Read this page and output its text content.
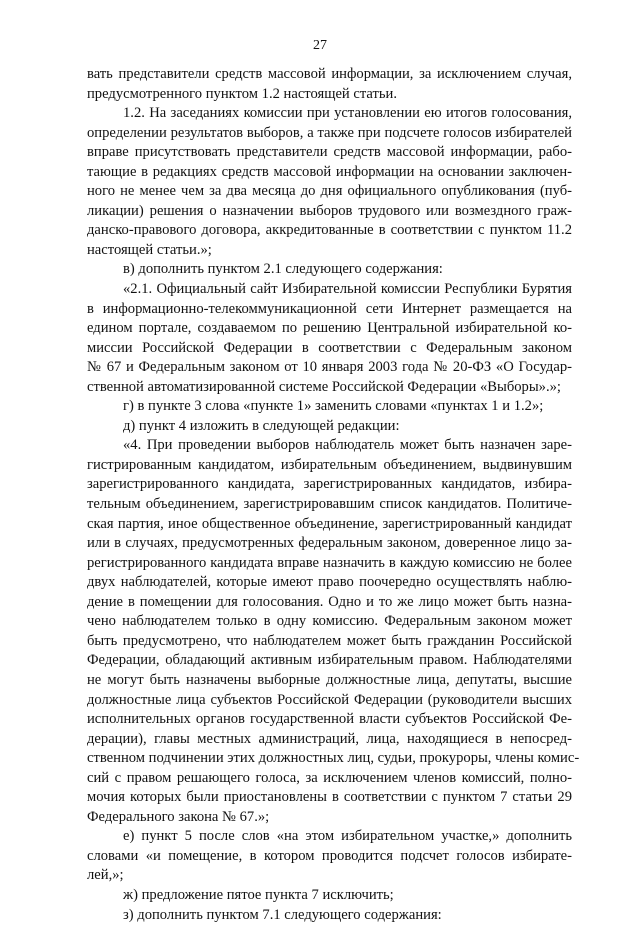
27
вать представители средств массовой информации, за исключением случая,
предусмотренного пунктом 1.2 настоящей статьи.
1.2. На заседаниях комиссии при установлении ею итогов голосования,
определении результатов выборов, а также при подсчете голосов избирателей
вправе присутствовать представители средств массовой информации, рабо-
тающие в редакциях средств массовой информации на основании заключен-
ного не менее чем за два месяца до дня официального опубликования (пуб-
ликации) решения о назначении выборов трудового или возмездного граж-
данско-правового договора, аккредитованные в соответствии с пунктом 11.2
настоящей статьи.»;
в) дополнить пунктом 2.1 следующего содержания:
«2.1. Официальный сайт Избирательной комиссии Республики Бурятия
в информационно-телекоммуникационной сети Интернет размещается на
едином портале, создаваемом по решению Центральной избирательной ко-
миссии Российской Федерации в соответствии с Федеральным законом
№ 67 и Федеральным законом от 10 января 2003 года № 20-ФЗ «О Государ-
ственной автоматизированной системе Российской Федерации «Выборы».»;
г) в пункте 3 слова «пункте 1» заменить словами «пунктах 1 и 1.2»;
д) пункт 4 изложить в следующей редакции:
«4. При проведении выборов наблюдатель может быть назначен заре-
гистрированным кандидатом, избирательным объединением, выдвинувшим
зарегистрированного кандидата, зарегистрированных кандидатов, избира-
тельным объединением, зарегистрировавшим список кандидатов. Политиче-
ская партия, иное общественное объединение, зарегистрированный кандидат
или в случаях, предусмотренных федеральным законом, доверенное лицо за-
регистрированного кандидата вправе назначить в каждую комиссию не более
двух наблюдателей, которые имеют право поочередно осуществлять наблю-
дение в помещении для голосования. Одно и то же лицо может быть назна-
чено наблюдателем только в одну комиссию. Федеральным законом может
быть предусмотрено, что наблюдателем может быть гражданин Российской
Федерации, обладающий активным избирательным правом. Наблюдателями
не могут быть назначены выборные должностные лица, депутаты, высшие
должностные лица субъектов Российской Федерации (руководители высших
исполнительных органов государственной власти субъектов Российской Фе-
дерации), главы местных администраций, лица, находящиеся в непосред-
ственном подчинении этих должностных лиц, судьи, прокуроры, члены комис-
сий с правом решающего голоса, за исключением членов комиссий, полно-
мочия которых были приостановлены в соответствии с пунктом 7 статьи 29
Федерального закона № 67.»;
е) пункт 5 после слов «на этом избирательном участке,» дополнить
словами «и помещение, в котором проводится подсчет голосов избирате-
лей,»;
ж) предложение пятое пункта 7 исключить;
з) дополнить пунктом 7.1 следующего содержания:
